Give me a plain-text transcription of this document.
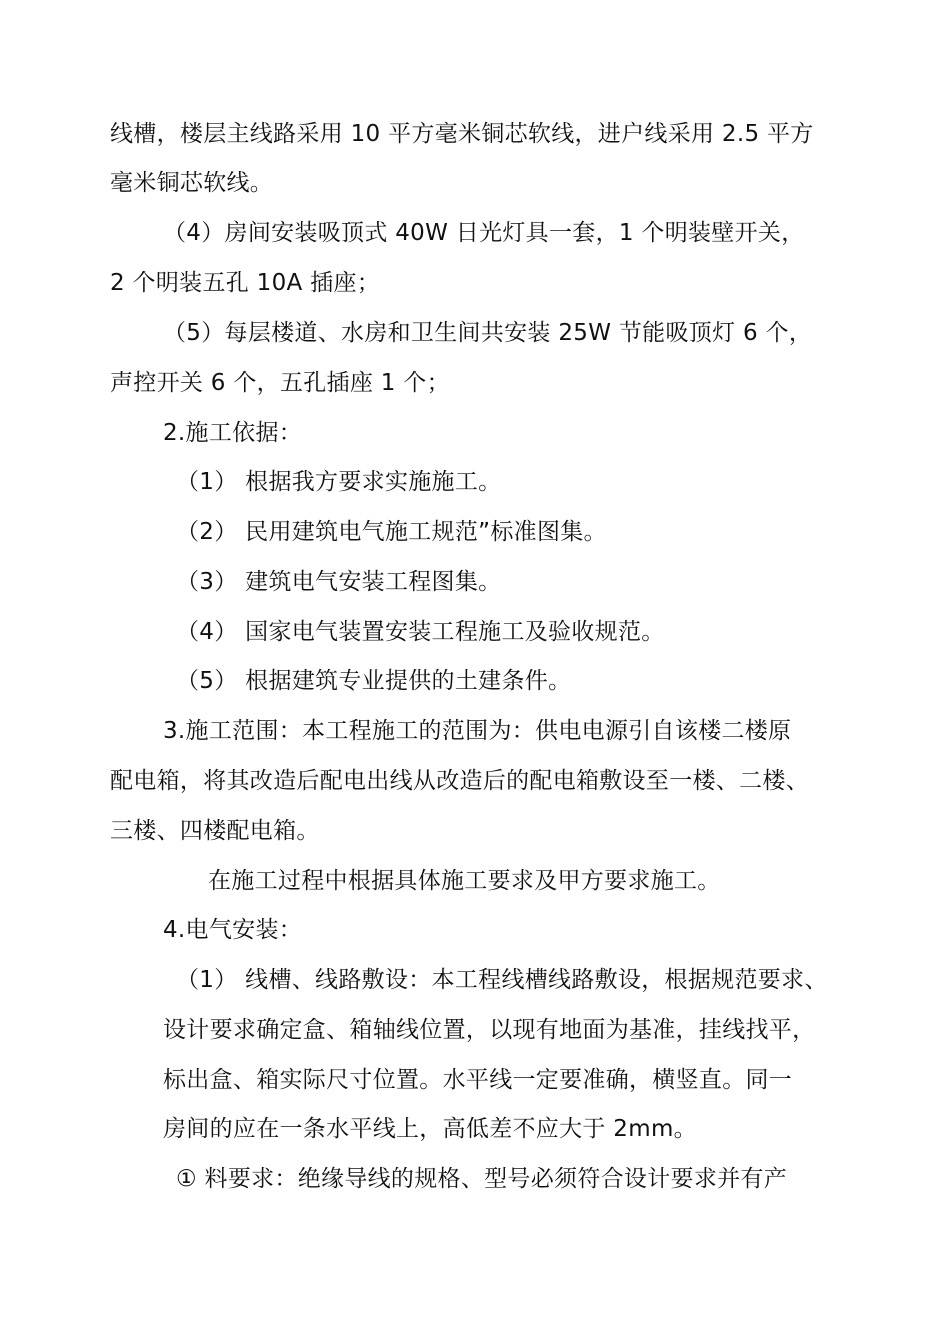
线槽，楼层主线路采用 10 平方毫米铜芯软线，进户线采用 2.5 平方
毫米铜芯软线。
（4）房间安装吸顶式 40W 日光灯具一套，1 个明装壁开关，
2 个明装五孔 10A 插座；
（5）每层楼道、水房和卫生间共安装 25W 节能吸顶灯 6 个，
声控开关 6 个，五孔插座 1 个；
2.施工依据：
（1） 根据我方要求实施施工。
（2） 民用建筑电气施工规范”标准图集。
（3） 建筑电气安装工程图集。
（4） 国家电气装置安装工程施工及验收规范。
（5） 根据建筑专业提供的土建条件。
3.施工范围：本工程施工的范围为：供电电源引自该楼二楼原
配电箱，将其改造后配电出线从改造后的配电箱敷设至一楼、二楼、
三楼、四楼配电箱。
在施工过程中根据具体施工要求及甲方要求施工。
4.电气安装：
（1） 线槽、线路敷设：本工程线槽线路敷设，根据规范要求、
设计要求确定盒、箱轴线位置，以现有地面为基准，挂线找平，
标出盒、箱实际尺寸位置。水平线一定要准确，横竖直。同一
房间的应在一条水平线上，高低差不应大于 2mm。
① 料要求：绝缘导线的规格、型号必须符合设计要求并有产
